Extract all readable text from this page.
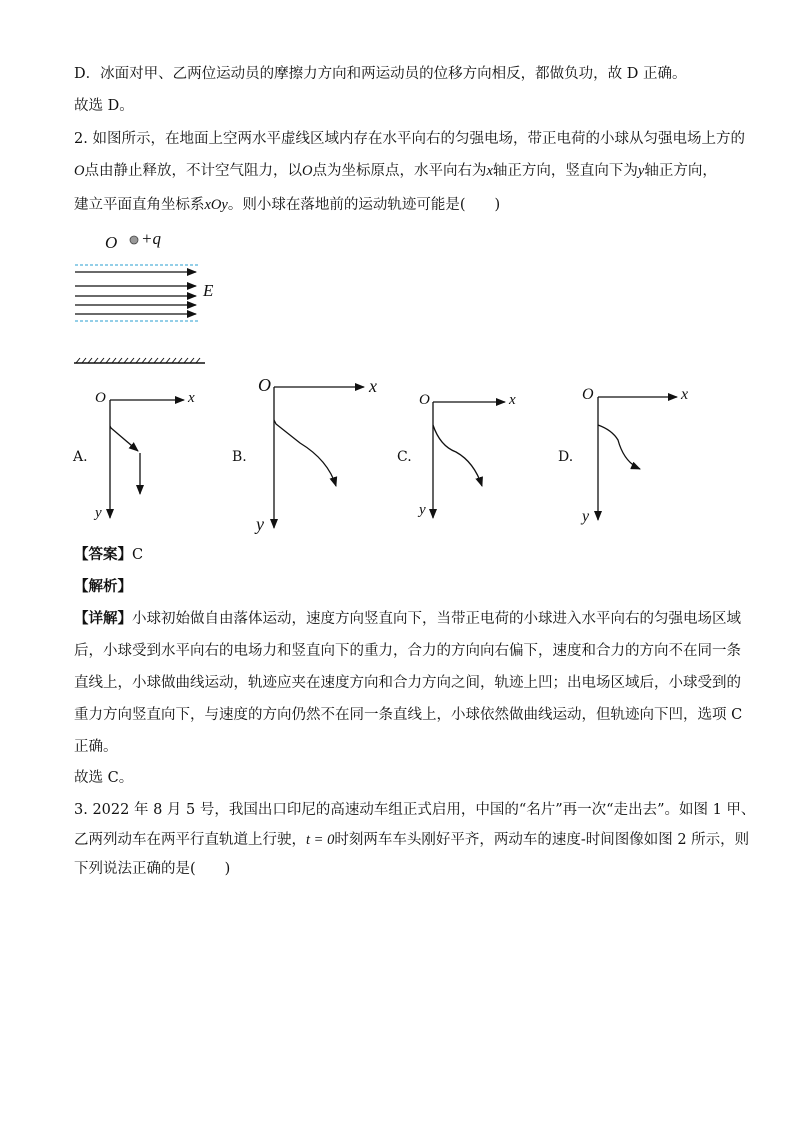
D．冰面对甲、乙两位运动员的摩擦力方向和两运动员的位移方向相反，都做负功，故 D 正确。
故选 D。
2. 如图所示，在地面上空两水平虚线区域内存在水平向右的匀强电场，带正电荷的小球从匀强电场上方的
O点由静止释放，不计空气阻力，以O点为坐标原点，水平向右为x轴正方向，竖直向下为y轴正方向，
建立平面直角坐标系xOy。则小球在落地前的运动轨迹可能是(　　)
O +q
E
O	x
y
A.
O	x
y
B.
O	x
y
C.
O	x
y
D.
【答案】C
【解析】
【详解】小球初始做自由落体运动，速度方向竖直向下，当带正电荷的小球进入水平向右的匀强电场区域
后，小球受到水平向右的电场力和竖直向下的重力，合力的方向向右偏下，速度和合力的方向不在同一条
直线上，小球做曲线运动，轨迹应夹在速度方向和合力方向之间，轨迹上凹；出电场区域后，小球受到的
重力方向竖直向下，与速度的方向仍然不在同一条直线上，小球依然做曲线运动，但轨迹向下凹，选项 C
正确。
故选 C。
3. 2022 年 8 月 5 号，我国出口印尼的高速动车组正式启用，中国的“名片”再一次“走出去”。如图 1 甲、
乙两列动车在两平行直轨道上行驶，t = 0时刻两车车头刚好平齐，两动车的速度-时间图像如图 2 所示，则
下列说法正确的是(　　)
